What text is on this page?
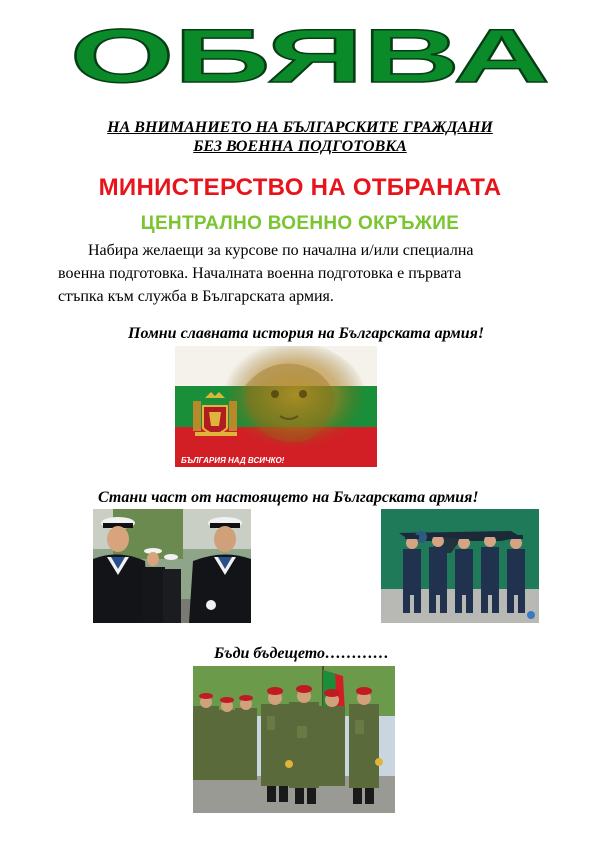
ОБЯВА
НА ВНИМАНИЕТО НА БЪЛГАРСКИТЕ ГРАЖДАНИ
БЕЗ ВОЕННА ПОДГОТОВКА
МИНИСТЕРСТВО НА ОТБРАНАТА
ЦЕНТРАЛНО ВОЕННО ОКРЪЖИЕ
Набира желаещи за курсове по начална и/или специална
военна подготовка. Началната военна подготовка е първата
стъпка към служба в Българската армия.
Помни славната история на Българската армия!
БЪЛГАРИЯ НАД ВСИЧКО!
Стани част от настоящето на Българската армия!
Бъди бъдещето…………
